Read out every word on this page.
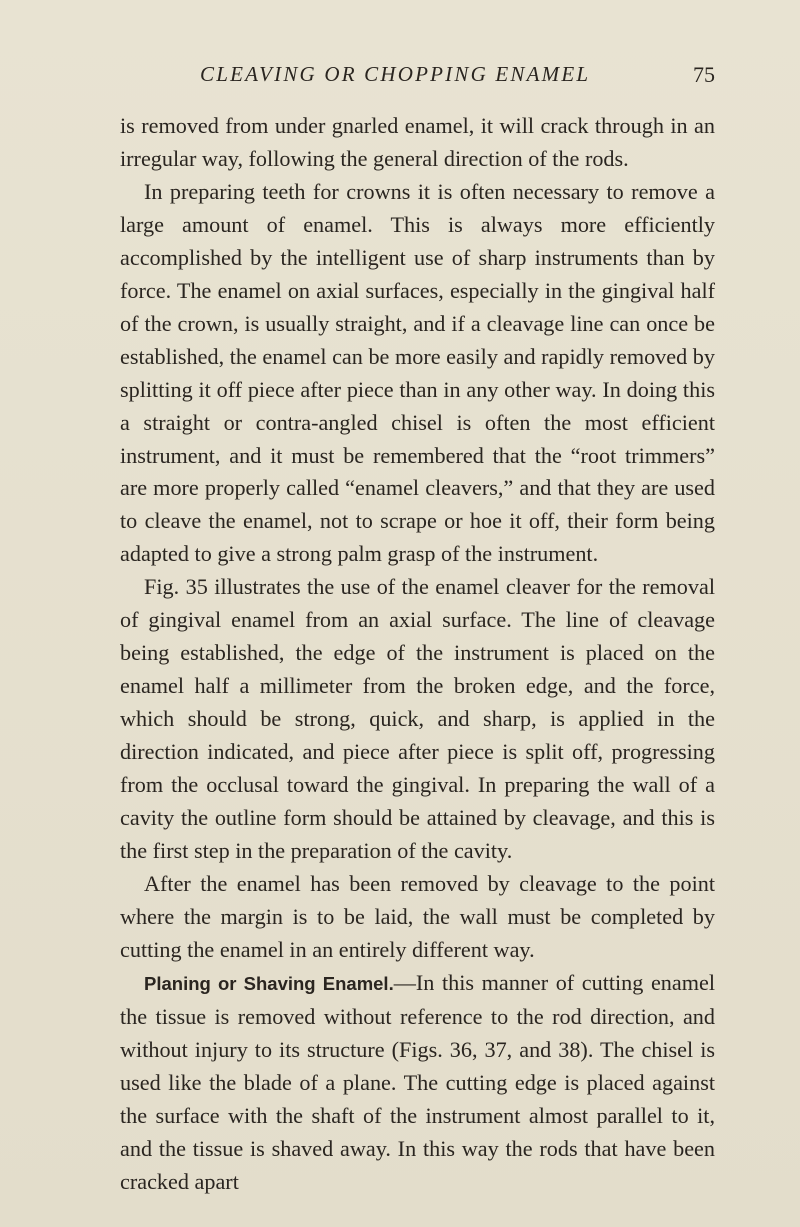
CLEAVING OR CHOPPING ENAMEL	75

is removed from under gnarled enamel, it will crack through in an irregular way, following the general direction of the rods.

In preparing teeth for crowns it is often necessary to remove a large amount of enamel. This is always more efficiently accomplished by the intelligent use of sharp instruments than by force. The enamel on axial surfaces, especially in the gingival half of the crown, is usually straight, and if a cleavage line can once be established, the enamel can be more easily and rapidly removed by splitting it off piece after piece than in any other way. In doing this a straight or contra-angled chisel is often the most efficient instrument, and it must be remembered that the “root trimmers” are more properly called “enamel cleavers,” and that they are used to cleave the enamel, not to scrape or hoe it off, their form being adapted to give a strong palm grasp of the instrument.

Fig. 35 illustrates the use of the enamel cleaver for the removal of gingival enamel from an axial surface. The line of cleavage being established, the edge of the instrument is placed on the enamel half a millimeter from the broken edge, and the force, which should be strong, quick, and sharp, is applied in the direction indicated, and piece after piece is split off, progressing from the occlusal toward the gingival. In preparing the wall of a cavity the outline form should be attained by cleavage, and this is the first step in the preparation of the cavity.

After the enamel has been removed by cleavage to the point where the margin is to be laid, the wall must be completed by cutting the enamel in an entirely different way.

Planing or Shaving Enamel.—In this manner of cutting enamel the tissue is removed without reference to the rod direction, and without injury to its structure (Figs. 36, 37, and 38). The chisel is used like the blade of a plane. The cutting edge is placed against the surface with the shaft of the instrument almost parallel to it, and the tissue is shaved away. In this way the rods that have been cracked apart
